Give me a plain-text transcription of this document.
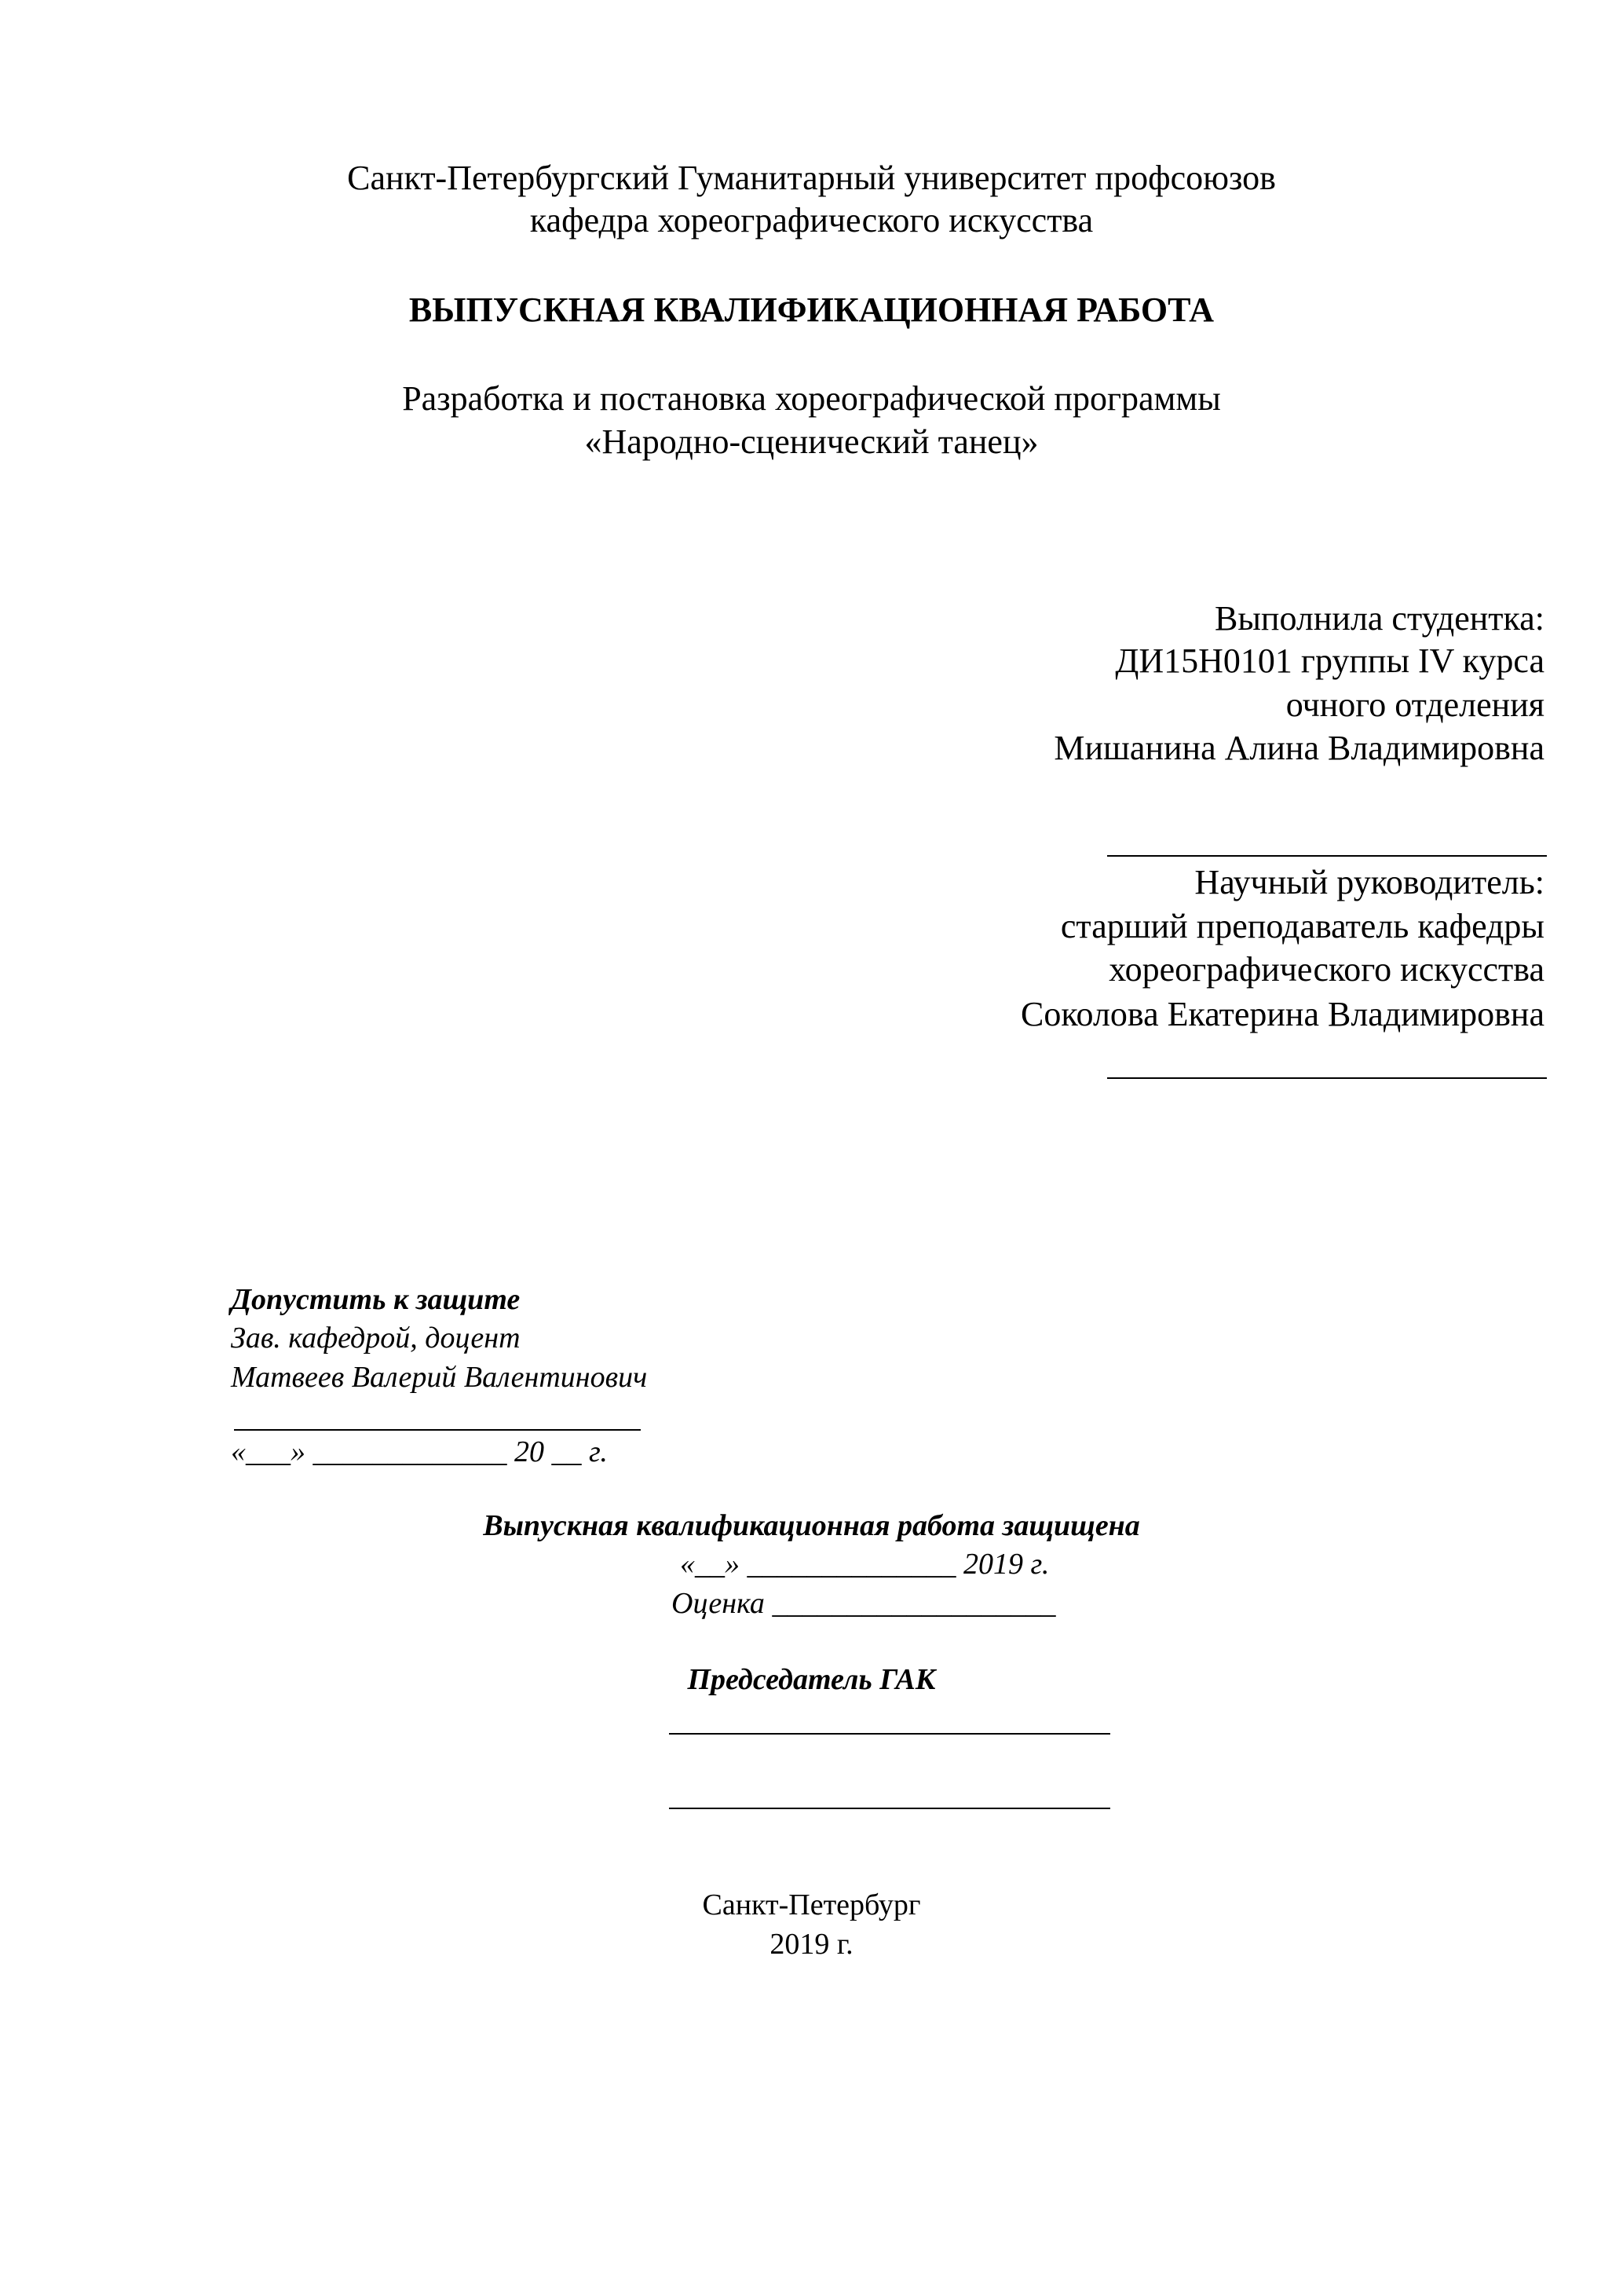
Санкт-Петербургский Гуманитарный университет профсоюзов
кафедра хореографического искусства
ВЫПУСКНАЯ КВАЛИФИКАЦИОННАЯ РАБОТА
Разработка и постановка хореографической программы
«Народно-сценический танец»
Выполнила студентка:
ДИ15Н0101 группы IV курса
очного отделения
Мишанина Алина Владимировна
Научный руководитель:
старший преподаватель кафедры
хореографического искусства
Соколова Екатерина Владимировна
Допустить к защите
Зав. кафедрой, доцент
Матвеев Валерий Валентинович
«___» _____________ 20 __ г.
Выпускная квалификационная работа защищена
«__» ______________ 2019 г.
Оценка ___________________
Председатель ГАК
Санкт-Петербург
2019 г.
